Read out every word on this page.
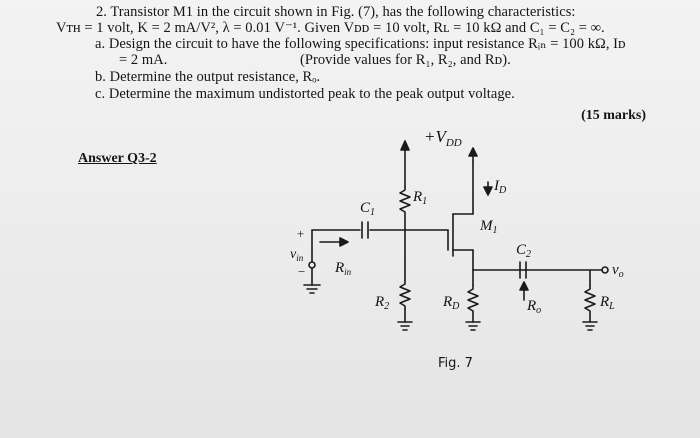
2. Transistor M1 in the circuit shown in Fig. (7), has the following characteristics:
Vᴛʜ = 1 volt, K = 2 mA/V², λ = 0.01 V⁻¹. Given Vᴅᴅ = 10 volt, Rʟ = 10 kΩ and C₁ = C₂ = ∞.
a. Design the circuit to have the following specifications: input resistance Rᵢₙ = 100 kΩ, Iᴅ
= 2 mA.	(Provide values for R₁, R₂, and Rᴅ).
b. Determine the output resistance, Rₒ.
c. Determine the maximum undistorted peak to the peak output voltage.
(15 marks)
Answer Q3-2
$+V_{DD}$
$R_1$
$C_1$
$I_D$
$M_1$
$C_2$
$v_o$
+
$v_{in}$
− $R_{in}$
$R_2$	$R_D$	$R_o$
$R_L$
Fig. 7
